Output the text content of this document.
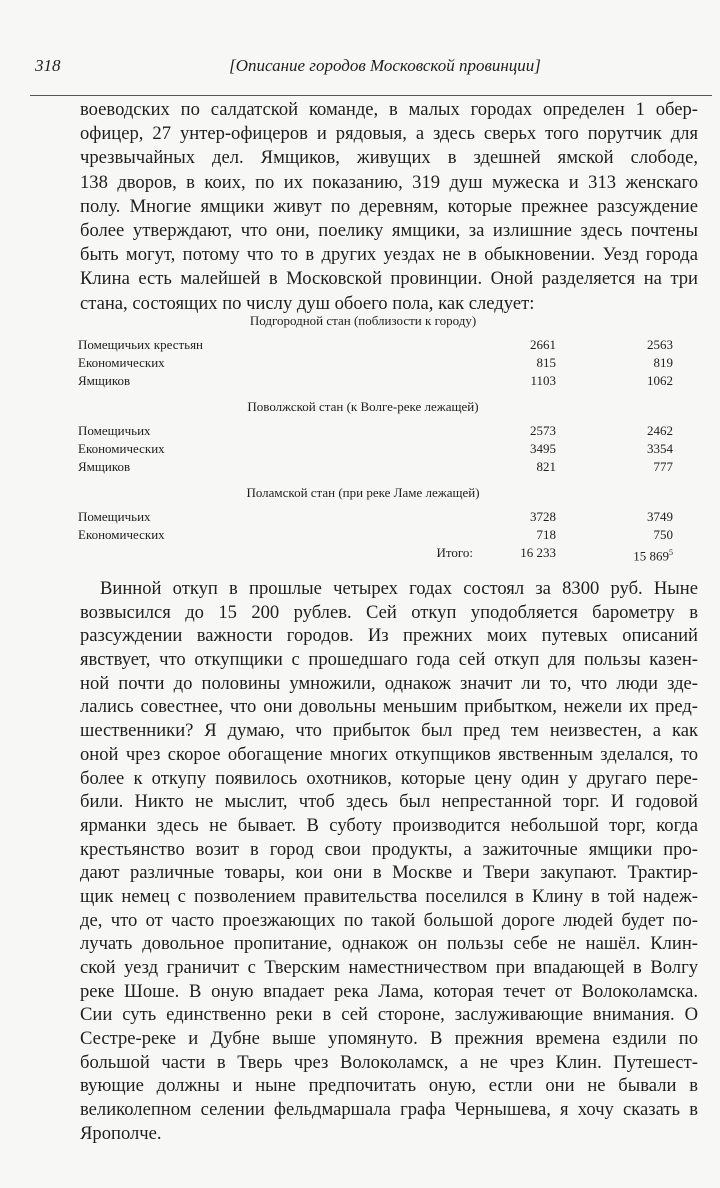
318	[Описание городов Московской провинции]
воеводских по салдатской команде, в малых городах определен 1 обер-
офицер, 27 унтер-офицеров и рядовыя, а здесь сверьх того порутчик для
чрезвычайных дел. Ямщиков, живущих в здешней ямской слободе,
138 дворов, в коих, по их показанию, 319 душ мужеска и 313 женскаго
полу. Многие ямщики живут по деревням, которые прежнее разсуждение
более утверждают, что они, поелику ямщики, за излишние здесь почтены
быть могут, потому что то в других уездах не в обыкновении. Уезд города
Клина есть малейшей в Московской провинции. Оной разделяется на три
стана, состоящих по числу душ обоего пола, как следует:
Подгородной стан (поблизости к городу)
Помещичьих крестьян	2661	2563
Економических	815	819
Ямщиков	1103	1062
Поволжской стан (к Волге-реке лежащей)
Помещичьих	2573	2462
Економических	3495	3354
Ямщиков	821	777
Поламской стан (при реке Ламе лежащей)
Помещичьих	3728	3749
Економических	718	750
Итого:	16 233	15 $869^5$
Винной откуп в прошлые четырех годах состоял за 8300 руб. Ныне
возвысился до 15 200 рублев. Сей откуп уподобляется барометру в
разсуждении важности городов. Из прежних моих путевых описаний
явствует, что откупщики с прошедшаго года сей откуп для пользы казен-
ной почти до половины умножили, однакож значит ли то, что люди зде-
лались совестнее, что они довольны меньшим прибытком, нежели их пред-
шественники? Я думаю, что прибыток был пред тем неизвестен, а как
оной чрез скорое обогащение многих откупщиков явственным зделался, то
более к откупу появилось охотников, которые цену один у другаго пере-
били. Никто не мыслит, чтоб здесь был непрестанной торг. И годовой
ярманки здесь не бывает. В суботу производится небольшой торг, когда
крестьянство возит в город свои продукты, а зажиточные ямщики про-
дают различные товары, кои они в Москве и Твери закупают. Трактир-
щик немец с позволением правительства поселился в Клину в той надеж-
де, что от часто проезжающих по такой большой дороге людей будет по-
лучать довольное пропитание, однакож он пользы себе не нашёл. Клин-
ской уезд граничит с Тверским наместничеством при впадающей в Волгу
реке Шоше. В оную впадает река Лама, которая течет от Волоколамска.
Сии суть единственно реки в сей стороне, заслуживающие внимания. О
Сестре-реке и Дубне выше упомянуто. В прежния времена ездили по
большой части в Тверь чрез Волоколамск, а не чрез Клин. Путешест-
вующие должны и ныне предпочитать оную, естли они не бывали в
великолепном селении фельдмаршала графа Чернышева, я хочу сказать в
Ярополче.
